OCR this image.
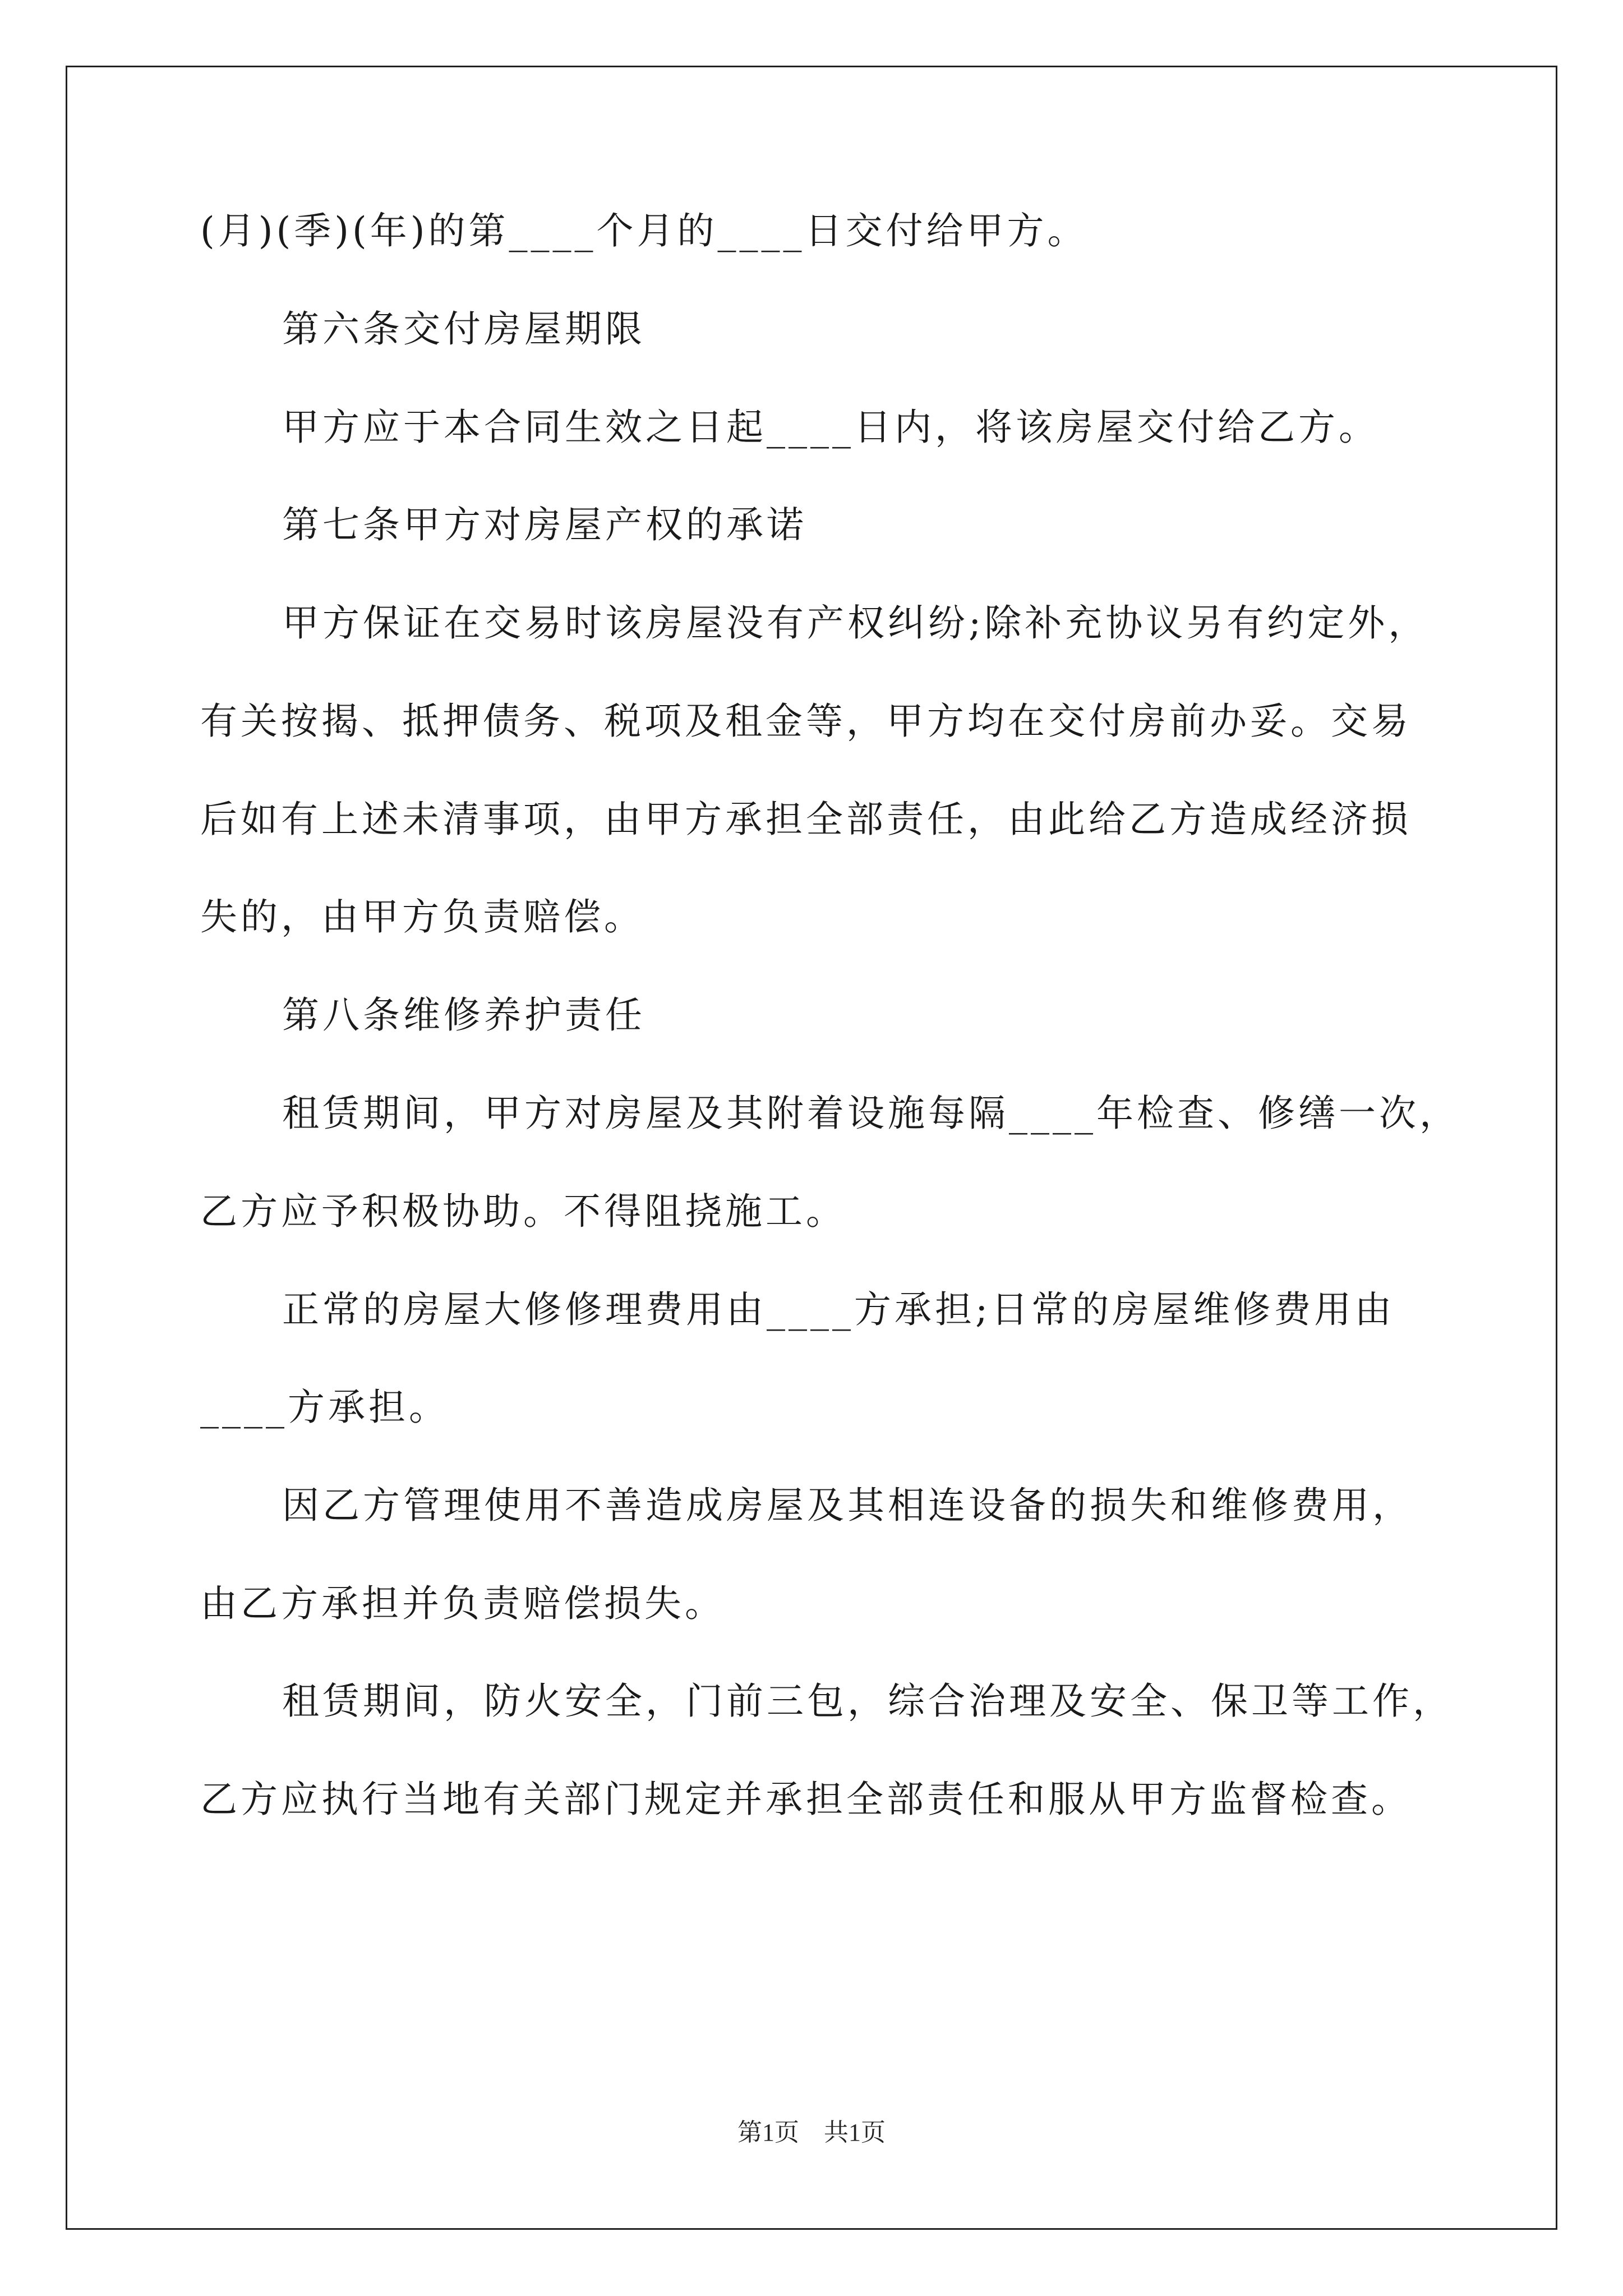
(月)(季)(年)的第____个月的____日交付给甲方。
第六条交付房屋期限
甲方应于本合同生效之日起____日内，将该房屋交付给乙方。
第七条甲方对房屋产权的承诺
甲方保证在交易时该房屋没有产权纠纷;除补充协议另有约定外，
有关按揭、抵押债务、税项及租金等，甲方均在交付房前办妥。交易
后如有上述未清事项，由甲方承担全部责任，由此给乙方造成经济损
失的，由甲方负责赔偿。
第八条维修养护责任
租赁期间，甲方对房屋及其附着设施每隔____年检查、修缮一次，
乙方应予积极协助。不得阻挠施工。
正常的房屋大修修理费用由____方承担;日常的房屋维修费用由
____方承担。
因乙方管理使用不善造成房屋及其相连设备的损失和维修费用，
由乙方承担并负责赔偿损失。
租赁期间，防火安全，门前三包，综合治理及安全、保卫等工作，
乙方应执行当地有关部门规定并承担全部责任和服从甲方监督检查。
第1页　共1页
